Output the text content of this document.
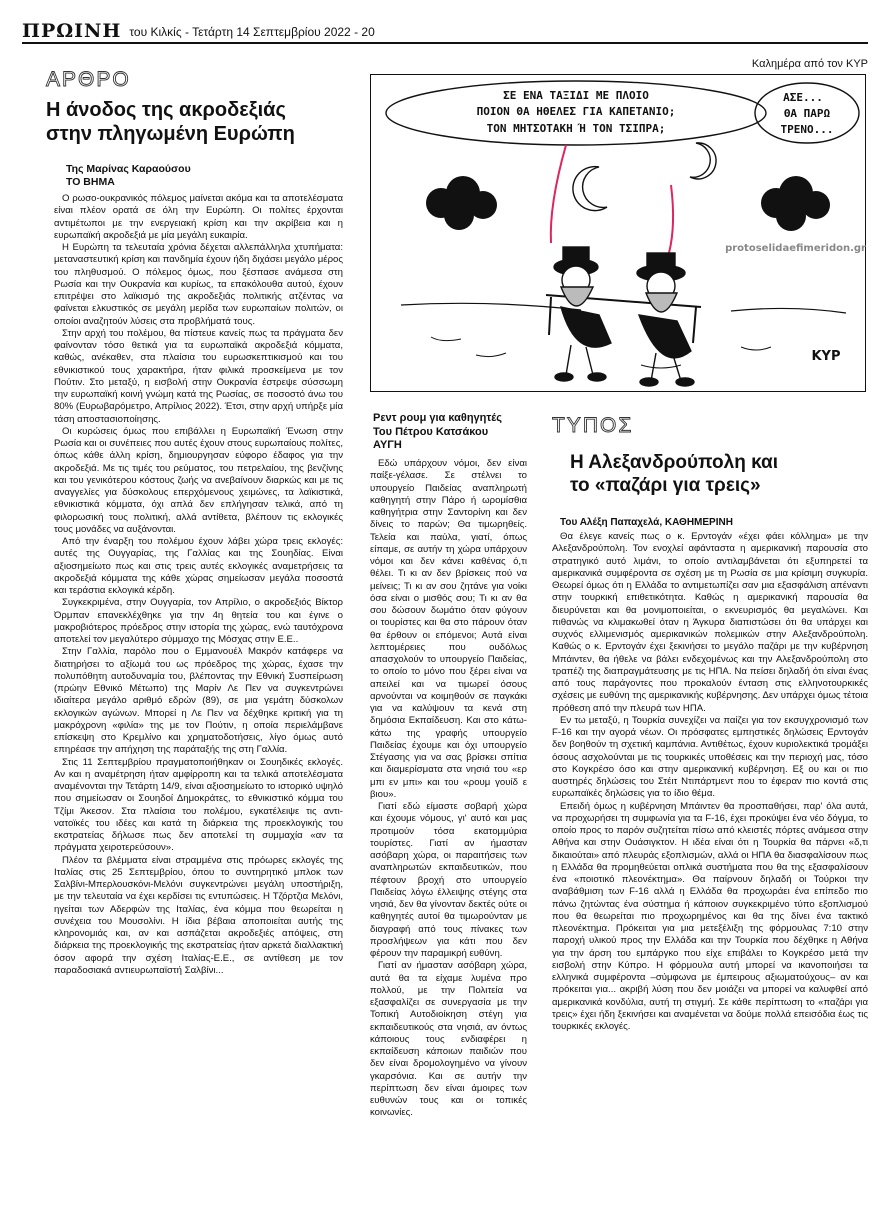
ΠΡΩΙΝΗ του Κιλκίς - Τετάρτη 14 Σεπτεμβρίου 2022 - 20
ΑΡΘΡΟ
Η άνοδος της ακροδεξιάς
στην πληγωμένη Ευρώπη
Της Μαρίνας Καραούσου
ΤΟ ΒΗΜΑ

Ο ρωσο-ουκρανικός πόλεμος μαίνεται ακόμα και τα αποτελέσματα είναι πλέον ορατά σε όλη την Ευρώπη. Οι πολίτες έρχονται αντιμέτωποι με την ενεργειακή κρίση και την ακρίβεια και η ευρωπαϊκή ακροδεξιά με μία μεγάλη ευκαιρία.

Η Ευρώπη τα τελευταία χρόνια δέχεται αλλεπάλληλα χτυπήματα: μεταναστευτική κρίση και πανδημία έχουν ήδη διχάσει μεγάλο μέρος του πληθυσμού. Ο πόλεμος όμως, που ξέσπασε ανάμεσα στη Ρωσία και την Ουκρανία και κυρίως, τα επακόλουθα αυτού, έχουν επιτρέψει στο λαϊκισμό της ακροδεξιάς πολιτικής ατζέντας να φαίνεται ελκυστικός σε μεγάλη μερίδα των ευρωπαίων πολιτών, οι οποίοι αναζητούν λύσεις στα προβλήματά τους.

Στην αρχή του πολέμου, θα πίστευε κανείς πως τα πράγματα δεν φαίνονταν τόσο θετικά για τα ευρωπαϊκά ακροδεξιά κόμματα, καθώς, ανέκαθεν, στα πλαίσια του ευρωσκεπτικισμού και του εθνικιστικού τους χαρακτήρα, ήταν φιλικά προσκείμενα με τον Πούτιν. Στο μεταξύ, η εισβολή στην Ουκρανία έστρεψε σύσσωμη την ευρωπαϊκή κοινή γνώμη κατά της Ρωσίας, σε ποσοστό άνω του 80% (Ευρωβαρόμετρο, Απρίλιος 2022). Έτσι, στην αρχή υπήρξε μία τάση αποστασιοποίησης.

Οι κυρώσεις όμως που επιβάλλει η Ευρωπαϊκή Ένωση στην Ρωσία και οι συνέπειες που αυτές έχουν στους ευρωπαίους πολίτες, όπως κάθε άλλη κρίση, δημιουργησαν εύφορο έδαφος για την ακροδεξιά. Με τις τιμές του ρεύματος, του πετρελαίου, της βενζίνης και του γενικότερου κόστους ζωής να ανεβαίνουν διαρκώς και με τις αναγγελίες για δύσκολους επερχόμενους χειμώνες, τα λαϊκιστικά, εθνικιστικά κόμματα, όχι απλά δεν επλήγησαν τελικά, από τη φιλορωσική τους πολιτική, αλλά αντίθετα, βλέπουν τις εκλογικές τους μονάδες να αυξάνονται.

Από την έναρξη του πολέμου έχουν λάβει χώρα τρεις εκλογές: αυτές της Ουγγαρίας, της Γαλλίας και της Σουηδίας. Είναι αξιοσημείωτο πως και στις τρεις αυτές εκλογικές αναμετρήσεις τα ακροδεξιά κόμματα της κάθε χώρας σημείωσαν μεγάλα ποσοστά και τεράστια εκλογικά κέρδη.

Συγκεκριμένα, στην Ουγγαρία, τον Απρίλιο, ο ακροδεξιός Βίκτορ Όρμπαν επανεκλέχθηκε για την 4η θητεία του και έγινε ο μακροβιότερος πρόεδρος στην ιστορία της χώρας, ενώ ταυτόχρονα αποτελεί τον μεγαλύτερο σύμμαχο της Μόσχας στην Ε.Ε..

Στην Γαλλία, παρόλο που ο Εμμανουέλ Μακρόν κατάφερε να διατηρήσει το αξίωμά του ως πρόεδρος της χώρας, έχασε την πολυπόθητη αυτοδυναμία του, βλέποντας την Εθνική Συσπείρωση (πρώην Εθνικό Μέτωπο) της Μαρίν Λε Πεν να συγκεντρώνει ιδιαίτερα μεγάλο αριθμό εδρών (89), σε μια γεμάτη δύσκολων εκλογικών αγώνων. Μπορεί η Λε Πεν να δέχθηκε κριτική για τη μακρόχρονη «φιλία» της με τον Πούτιν, η οποία περιελάμβανε επίσκεψη στο Κρεμλίνο και χρηματοδοτήσεις, λίγο όμως αυτό επηρέασε την απήχηση της παράταξής της στη Γαλλία.

Στις 11 Σεπτεμβρίου πραγματοποιήθηκαν οι Σουηδικές εκλογές. Αν και η αναμέτρηση ήταν αμφίρροπη και τα τελικά αποτελέσματα αναμένονται την Τετάρτη 14/9, είναι αξιοσημείωτο το ιστορικό υψηλό που σημείωσαν οι Σουηδοί Δημοκράτες, το εθνικιστικό κόμμα του Τζίμι Άκεσον. Στα πλαίσια του πολέμου, εγκατέλειψε τις αντι-νατοϊκές του ιδέες και κατά τη διάρκεια της προεκλογικής του εκστρατείας δήλωσε πως δεν αποτελεί τη συμμαχία «αν τα πράγματα χειροτερεύσουν».

Πλέον τα βλέμματα είναι στραμμένα στις πρόωρες εκλογές της Ιταλίας στις 25 Σεπτεμβρίου, όπου το συντηρητικό μπλοκ των Σαλβίνι-Μπερλουσκόνι-Μελόνι συγκεντρώνει μεγάλη υποστήριξη, με την τελευταία να έχει κερδίσει τις εντυπώσεις. Η Τζόρτζια Μελόνι, ηγείται των Αδερφών της Ιταλίας, ένα κόμμα που θεωρείται η συνέχεια του Μουσολίνι. Η ίδια βέβαια αποποιείται αυτής της κληρονομιάς και, αν και ασπάζεται ακροδεξιές απόψεις, στη διάρκεια της προεκλογικής της εκστρατείας ήταν αρκετά διαλλακτική όσον αφορά την σχέση Ιταλίας-Ε.Ε., σε αντίθεση με τον παραδοσιακά αντιευρωπαϊστή Σαλβίνι...

Καλημέρα από τον ΚΥΡ
ΣΕ ΕΝΑ ΤΑΞΙΔΙ ΜΕ ΠΛΟΙΟ
ΠΟΙΟΝ ΘΑ ΗΘΕΛΕΣ ΓΙΑ ΚΑΠΕΤΑΝΙΟ;
ΤΟΝ ΜΗΤΣΟΤΑΚΗ Ή ΤΟΝ ΤΣΙΠΡΑ;
ΑΣΕ...
ΘΑ ΠΑΡΩ
ΤΡΕΝΟ...
ΚΥΡ
protoselidaefimeridon.gr
Ρεντ ρουμ για καθηγητές
Του Πέτρου Κατσάκου
ΑΥΓΗ

Εδώ υπάρχουν νόμοι, δεν είναι παίξε-γέλασε. Σε στέλνει το υπουργείο Παιδείας αναπληρωτή καθηγητή στην Πάρο ή ωρομίσθια καθηγήτρια στην Σαντορίνη και δεν δίνεις το παρών; Θα τιμωρηθείς. Τελεία και παύλα, γιατί, όπως είπαμε, σε αυτήν τη χώρα υπάρχουν νόμοι και δεν κάνει καθένας ό,τι θέλει. Τι κι αν δεν βρίσκεις πού να μείνεις; Τι κι αν σου ζητάνε για νοίκι όσα είναι ο μισθός σου; Τι κι αν θα σου δώσουν δωμάτιο όταν φύγουν οι τουρίστες και θα στο πάρουν όταν θα έρθουν οι επόμενοι; Αυτά είναι λεπτομέρειες που ουδόλως απασχολούν το υπουργείο Παιδείας, το οποίο το μόνο που ξέρει είναι να απειλεί και να τιμωρεί όσους αρνούνται να κοιμηθούν σε παγκάκι για να καλύψουν τα κενά στη δημόσια Εκπαίδευση. Και στο κάτω-κάτω της γραφής υπουργείο Παιδείας έχουμε και όχι υπουργείο Στέγασης για να σας βρίσκει σπίτια και διαμερίσματα στα νησιά του «ερ μπι εν μπι» και του «ρουμ γουίδ ε βιου».

Γιατί εδώ είμαστε σοβαρή χώρα και έχουμε νόμους, γι' αυτό και μας προτιμούν τόσα εκατομμύρια τουρίστες. Γιατί αν ήμασταν ασόβαρη χώρα, οι παραιτήσεις των αναπληρωτών εκπαιδευτικών, που πέφτουν βροχή στο υπουργείο Παιδείας λόγω έλλειψης στέγης στα νησιά, δεν θα γίνονταν δεκτές ούτε οι καθηγητές αυτοί θα τιμωρούνταν με διαγραφή από τους πίνακες των προσλήψεων για κάτι που δεν φέρουν την παραμικρή ευθύνη.

Γιατί αν ήμασταν ασόβαρη χώρα, αυτά θα τα είχαμε λυμένα προ πολλού, με την Πολιτεία να εξασφαλίζει σε συνεργασία με την Τοπική Αυτοδιοίκηση στέγη για εκπαιδευτικούς στα νησιά, αν όντως κάποιους τους ενδιαφέρει η εκπαίδευση κάποιων παιδιών που δεν είναι δρομολογημένο να γίνουν γκαρσόνια. Και σε αυτήν την περίπτωση δεν είναι άμοιρες των ευθυνών τους και οι τοπικές κοινωνίες.

ΤΥΠΟΣ
Η Αλεξανδρούπολη και
το «παζάρι για τρεις»
Του Αλέξη Παπαχελά, ΚΑΘΗΜΕΡΙΝΗ

Θα έλεγε κανείς πως ο κ. Ερντογάν «έχει φάει κόλλημα» με την Αλεξανδρούπολη. Τον ενοχλεί αφάνταστα η αμερικανική παρουσία στο στρατηγικό αυτό λιμάνι, το οποίο αντιλαμβάνεται ότι εξυπηρετεί τα αμερικανικά συμφέροντα σε σχέση με τη Ρωσία σε μια κρίσιμη συγκυρία. Θεωρεί όμως ότι η Ελλάδα το αντιμετωπίζει σαν μια εξασφάλιση απέναντι στην τουρκική επιθετικότητα. Καθώς η αμερικανική παρουσία θα διευρύνεται και θα μονιμοποιείται, ο εκνευρισμός θα μεγαλώνει. Και πιθανώς να κλιμακωθεί όταν η Άγκυρα διαπιστώσει ότι θα υπάρχει και συχνός ελλιμενισμός αμερικανικών πολεμικών στην Αλεξανδρούπολη. Καθώς ο κ. Ερντογάν έχει ξεκινήσει το μεγάλο παζάρι με την κυβέρνηση Μπάιντεν, θα ήθελε να βάλει ενδεχομένως και την Αλεξανδρούπολη στο τραπέζι της διαπραγμάτευσης με τις ΗΠΑ. Να πείσει δηλαδή ότι είναι ένας από τους παράγοντες που προκαλούν ένταση στις ελληνοτουρκικές σχέσεις με ευθύνη της αμερικανικής κυβέρνησης. Δεν υπάρχει όμως τέτοια πρόθεση από την πλευρά των ΗΠΑ.

Εν τω μεταξύ, η Τουρκία συνεχίζει να παίζει για τον εκσυγχρονισμό των F-16 και την αγορά νέων. Οι πρόσφατες εμπηστικές δηλώσεις Ερντογάν δεν βοηθούν τη σχετική καμπάνια. Αντιθέτως, έχουν κυριολεκτικά τρομάξει όσους ασχολούνται με τις τουρκικές υποθέσεις και την περιοχή μας, τόσο στο Κογκρέσο όσο και στην αμερικανική κυβέρνηση. Εξ ου και οι πιο αυστηρές δηλώσεις του Στέιτ Ντιπάρτμεντ που το έφεραν πιο κοντά στις ευρωπαϊκές δηλώσεις για το ίδιο θέμα.

Επειδή όμως η κυβέρνηση Μπάιντεν θα προσπαθήσει, παρ' όλα αυτά, να προχωρήσει τη συμφωνία για τα F-16, έχει προκύψει ένα νέο δόγμα, το οποίο προς το παρόν συζητείται πίσω από κλειστές πόρτες ανάμεσα στην Αθήνα και στην Ουάσιγκτον. Η ιδέα είναι ότι η Τουρκία θα πάρνει «δ,τι δικαιούται» από πλευράς εξοπλισμών, αλλά οι ΗΠΑ θα διασφαλίσουν πως η Ελλάδα θα προμηθεύεται οπλικά συστήματα που θα της εξασφαλίσουν ένα «ποιοτικό πλεονέκτημα». Θα παίρνουν δηλαδή οι Τούρκοι την αναβάθμιση των F-16 αλλά η Ελλάδα θα προχωράει ένα επίπεδο πιο πάνω ζητώντας ένα σύστημα ή κάποιον συγκεκριμένο τύπο εξοπλισμού που θα θεωρείται πιο προχωρημένος και θα της δίνει ένα τακτικό πλεονέκτημα. Πρόκειται για μια μετεξέλιξη της φόρμουλας 7:10 στην παροχή υλικού προς την Ελλάδα και την Τουρκία που δέχθηκε η Αθήνα για την άρση του εμπάργκο που είχε επιβάλει το Κογκρέσο μετά την εισβολή στην Κύπρο. Η φόρμουλα αυτή μπορεί να ικανοποιήσει τα ελληνικά συμφέροντα –σύμφωνα με έμπειρους αξιωματούχους– αν και πρόκειται για... ακριβή λύση που δεν μοιάζει να μπορεί να καλυφθεί από αμερικανικά κονδύλια, αυτή τη στιγμή. Σε κάθε περίπτωση το «παζάρι για τρεις» έχει ήδη ξεκινήσει και αναμένεται να δούμε πολλά επεισόδια έως τις τουρκικές εκλογές.
